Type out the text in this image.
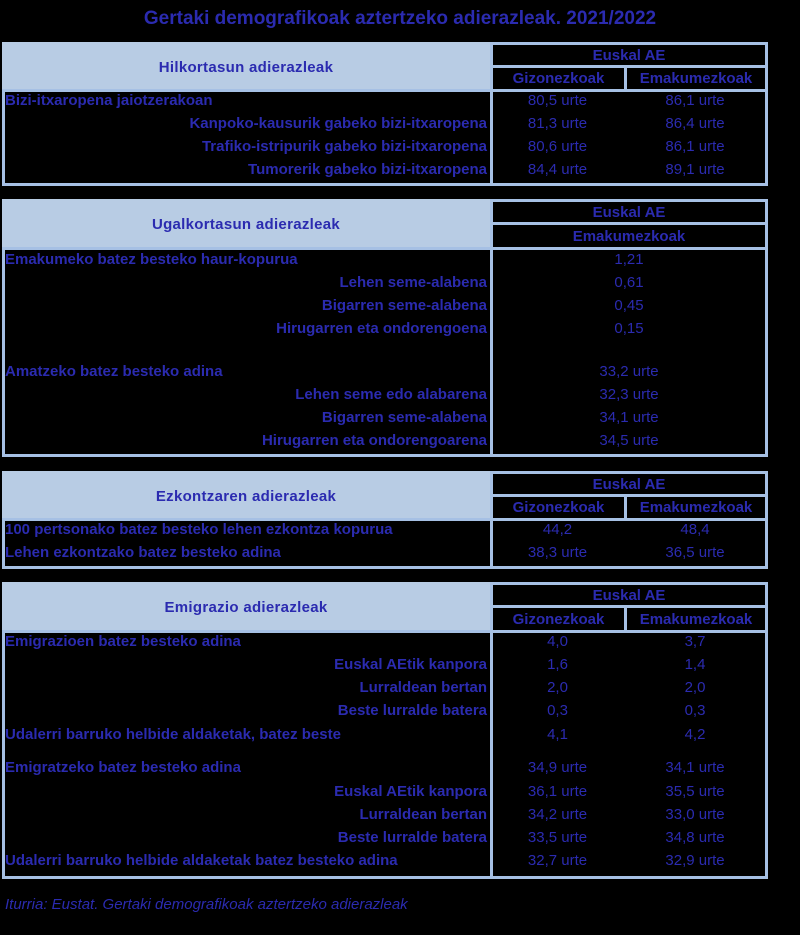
Gertaki demografikoak aztertzeko adierazleak. 2021/2022
Hilkortasun adierazleak
Euskal AE
Gizonezkoak	Emakumezkoak
Bizi-itxaropena jaiotzerakoan	80,5 urte	86,1 urte
Kanpoko-kausurik gabeko bizi-itxaropena	81,3 urte	86,4 urte
Trafiko-istripurik gabeko bizi-itxaropena	80,6 urte	86,1 urte
Tumorerik gabeko bizi-itxaropena	84,4 urte	89,1 urte
Ugalkortasun adierazleak
Euskal AE
Emakumezkoak
Emakumeko batez besteko haur-kopurua	1,21
Lehen seme-alabena	0,61
Bigarren seme-alabena	0,45
Hirugarren eta ondorengoena	0,15
Amatzeko batez besteko adina	33,2 urte
Lehen seme edo alabarena	32,3 urte
Bigarren seme-alabena	34,1 urte
Hirugarren eta ondorengoarena	34,5 urte
Ezkontzaren adierazleak
Euskal AE
Gizonezkoak	Emakumezkoak
100 pertsonako batez besteko lehen ezkontza kopurua	44,2	48,4
Lehen ezkontzako batez besteko adina	38,3 urte	36,5 urte
Emigrazio adierazleak
Euskal AE
Gizonezkoak	Emakumezkoak
Emigrazioen batez besteko adina	4,0	3,7
Euskal AEtik kanpora	1,6	1,4
Lurraldean bertan	2,0	2,0
Beste lurralde batera	0,3	0,3
Udalerri barruko helbide aldaketak, batez beste	4,1	4,2
Emigratzeko batez besteko adina	34,9 urte	34,1 urte
Euskal AEtik kanpora	36,1 urte	35,5 urte
Lurraldean bertan	34,2 urte	33,0 urte
Beste lurralde batera	33,5 urte	34,8 urte
Udalerri barruko helbide aldaketak batez besteko adina	32,7 urte	32,9 urte
Iturria: Eustat. Gertaki demografikoak aztertzeko adierazleak
